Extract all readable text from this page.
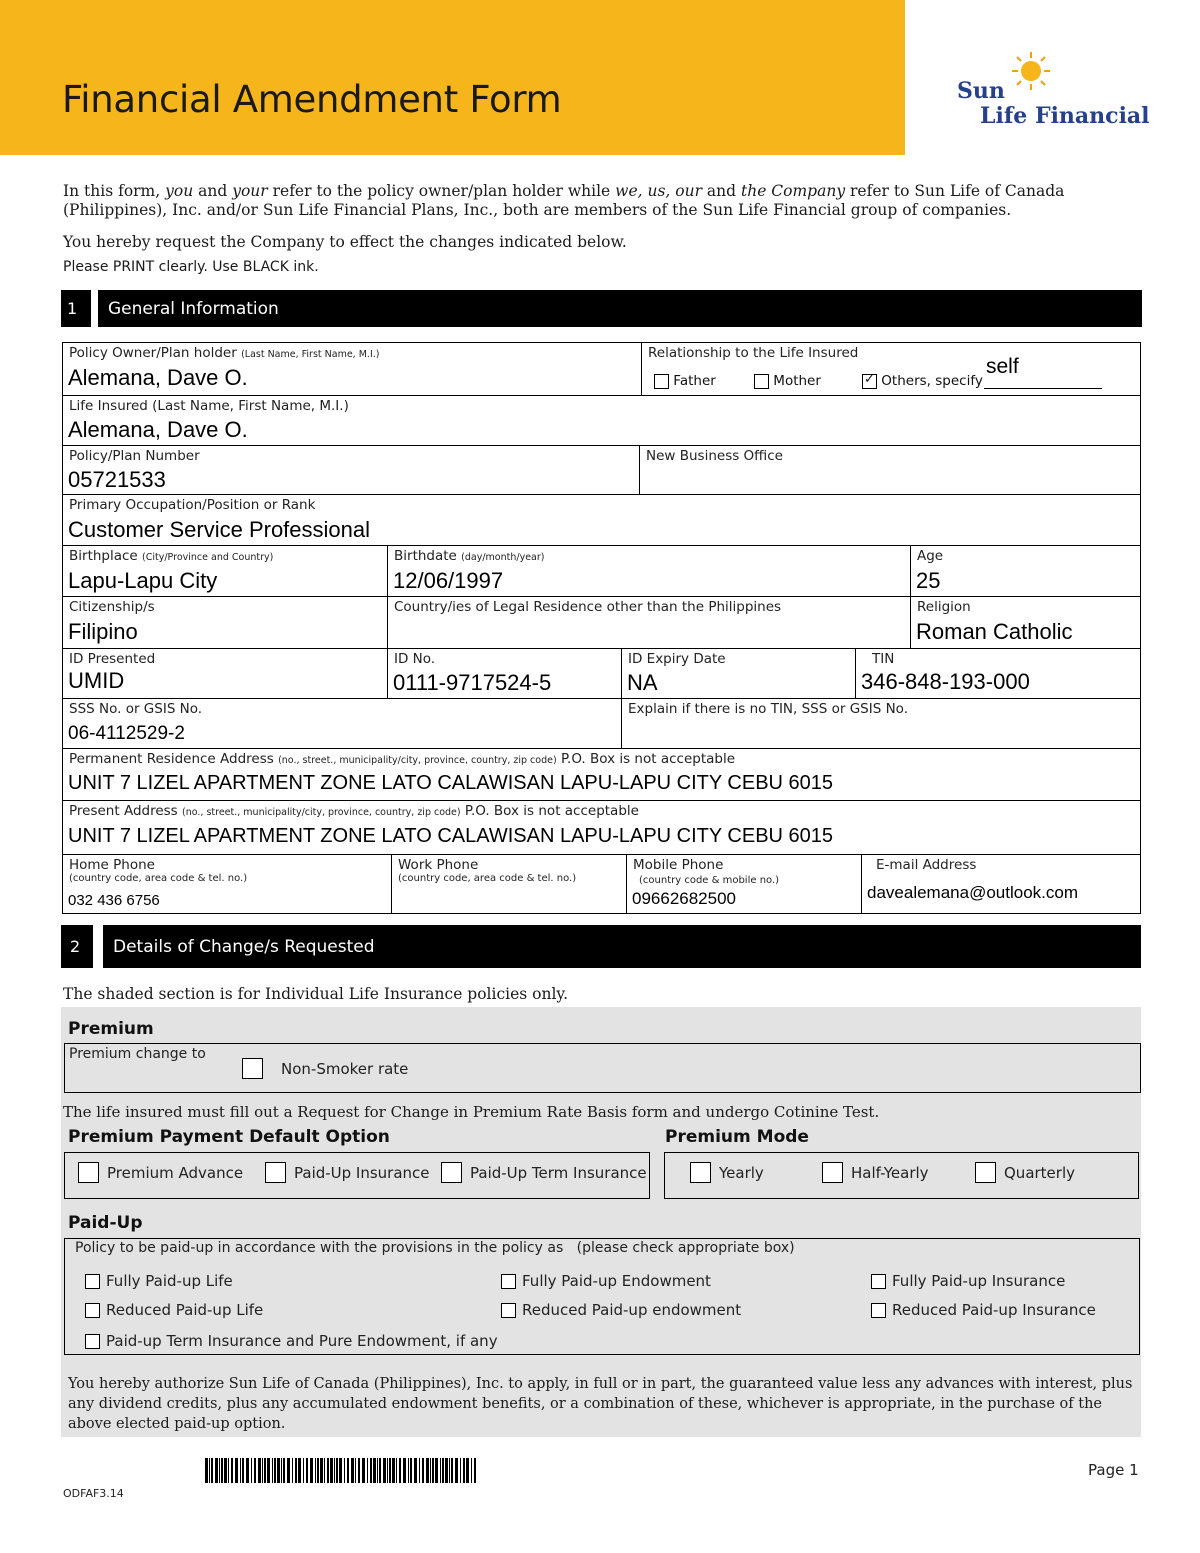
Financial Amendment Form	Sun
Life Financial
In this form, you and your refer to the policy owner/plan holder while we, us, our and the Company refer to Sun Life of Canada (Philippines), Inc. and/or Sun Life Financial Plans, Inc., both are members of the Sun Life Financial group of companies.
You hereby request the Company to effect the changes indicated below.
Please PRINT clearly. Use BLACK ink.
1	General Information
Policy Owner/Plan holder (Last Name, First Name, M.I.)
Alemana, Dave O.
Relationship to the Life Insured
Father	Mother
✓	Others, specify
self
Life Insured (Last Name, First Name, M.I.)
Alemana, Dave O.
Policy/Plan Number
05721533
New Business Office
Primary Occupation/Position or Rank
Customer Service Professional
Birthplace (City/Province and Country)
Lapu-Lapu City
Birthdate (day/month/year)
12/06/1997
Age
25
Citizenship/s
Filipino
Country/ies of Legal Residence other than the Philippines	Religion
Roman Catholic
ID Presented
UMID
ID No.
0111-9717524-5
ID Expiry Date
NA
TIN
346-848-193-000
SSS No. or GSIS No.
06-4112529-2
Explain if there is no TIN, SSS or GSIS No.
Permanent Residence Address (no., street., municipality/city, province, country, zip code) P.O. Box is not acceptable
UNIT 7 LIZEL APARTMENT ZONE LATO CALAWISAN LAPU-LAPU CITY CEBU 6015
Present Address (no., street., municipality/city, province, country, zip code) P.O. Box is not acceptable
UNIT 7 LIZEL APARTMENT ZONE LATO CALAWISAN LAPU-LAPU CITY CEBU 6015
Home Phone
(country code, area code & tel. no.)
032 436 6756
Work Phone
(country code, area code & tel. no.)
Mobile Phone
(country code & mobile no.)
09662682500
E-mail Address
davealemana@outlook.com
2	Details of Change/s Requested
The shaded section is for Individual Life Insurance policies only.
Premium
Premium change to
Non-Smoker rate
The life insured must fill out a Request for Change in Premium Rate Basis form and undergo Cotinine Test.
Premium Payment Default Option	Premium Mode
Premium Advance	Paid-Up Insurance	Paid-Up Term Insurance	Yearly	Half-Yearly	Quarterly
Paid-Up
Policy to be paid-up in accordance with the provisions in the policy as (please check appropriate box)
Fully Paid-up Life	Fully Paid-up Endowment	Fully Paid-up Insurance
Reduced Paid-up Life	Reduced Paid-up endowment	Reduced Paid-up Insurance
Paid-up Term Insurance and Pure Endowment, if any
You hereby authorize Sun Life of Canada (Philippines), Inc. to apply, in full or in part, the guaranteed value less any advances with interest, plus any dividend credits, plus any accumulated endowment benefits, or a combination of these, whichever is appropriate, in the purchase of the above elected paid-up option.
ODFAF3.14
Page 1
